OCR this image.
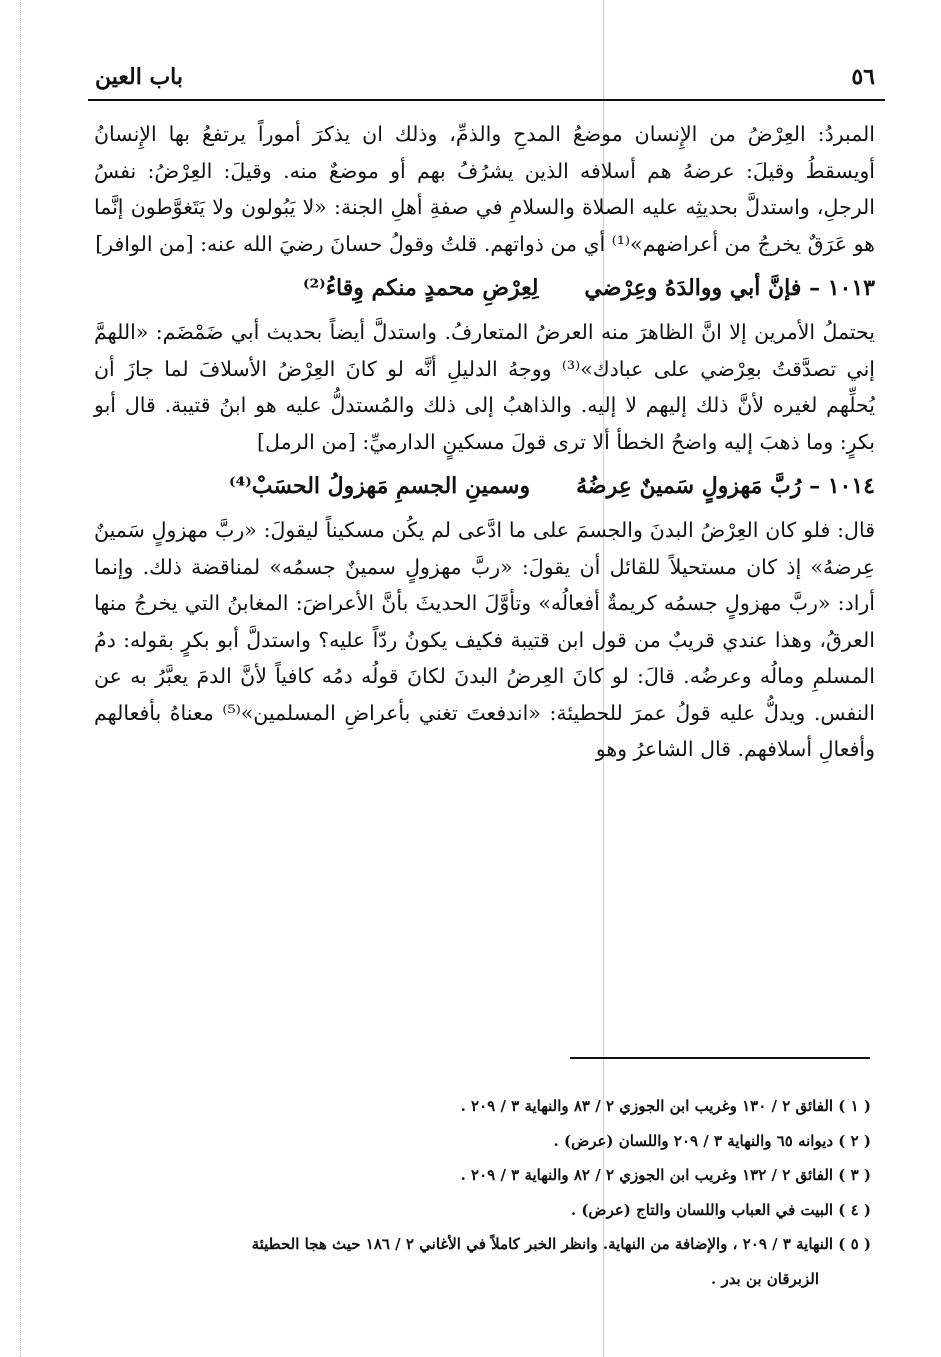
٥٦
باب العين

المبردُ: العِرْضُ من الإِنسان موضعُ المدحِ والذمِّ، وذلك ان يذكرَ أموراً يرتفعُ بها الإِنسانُ أويسقطُ وقيلَ: عرضهُ هم أسلافه الذين يشرُفُ بهم أو موضعٌ منه. وقيلَ: العِرْضُ: نفسُ الرجلِ، واستدلَّ بحديثِه عليه الصلاة والسلامِ في صفةِ أهلِ الجنة: «لا يَبُولون ولا يَتَغوَّطون إنَّما هو عَرَقٌ يخرجُ من أعراضهم»⁽¹⁾ أي من ذواتهم. قلتُ وقولُ حسانَ رضيَ الله عنه: [من الوافر]

١٠١٣ – فإنَّ أبي ووالدَهُ وعِرْضي
لِعِرْضِ محمدٍ منكم وِقاءُ⁽²⁾

يحتملُ الأمرين إلا انَّ الظاهرَ منه العرضُ المتعارفُ. واستدلَّ أيضاً بحديث أبي ضَمْضَم: «اللهمَّ إني تصدَّقتُ بعِرْضي على عبادك»⁽³⁾ ووجهُ الدليلِ أنَّه لو كانَ العِرْضُ الأسلافَ لما جازَ أن يُحلِّهم لغيره لأنَّ ذلك إليهم لا إليه. والذاهبُ إلى ذلك والمُستدلُّ عليه هو ابنُ قتيبة. قال أبو بكرٍ: وما ذهبَ إليه واضحُ الخطأ ألا ترى قولَ مسكينٍ الدارميِّ: [من الرمل]

١٠١٤ – رُبَّ مَهزولٍ سَمينٌ عِرضُهُ
وسمينِ الجسمِ مَهزولُ الحسَبْ⁽⁴⁾

قال: فلو كان العِرْضُ البدنَ والجسمَ على ما ادَّعى لم يكُن مسكيناً ليقولَ: «ربَّ مهزولٍ سَمينٌ عِرضهُ» إذ كان مستحيلاً للقائل أن يقولَ: «ربَّ مهزولٍ سمينٌ جسمُه» لمناقضة ذلك. وإنما أراد: «ربَّ مهزولٍ جسمُه كريمةٌ أفعالُه» وتأوَّلَ الحديثَ بأنَّ الأعراضَ: المغابنُ التي يخرجُ منها العرقُ، وهذا عندي قريبٌ من قول ابن قتيبة فكيف يكونُ ردّاً عليه؟ واستدلَّ أبو بكرٍ بقوله: دمُ المسلمِ ومالُه وعرضُه. قالَ: لو كانَ العِرضُ البدنَ لكانَ قولُه دمُه كافياً لأنَّ الدمَ يعبَّرُ به عن النفس. ويدلُّ عليه قولُ عمرَ للحطيئة: «اندفعتَ تغني بأعراضِ المسلمين»⁽⁵⁾ معناهُ بأفعالهم وأفعالِ أسلافهم. قال الشاعرُ وهو

( ١ ) الفائق ٢ / ١٣٠ وغريب ابن الجوزي ٢ / ٨٣ والنهاية ٣ / ٢٠٩ .

( ٢ ) ديوانه ٦٥ والنهاية ٣ / ٢٠٩ واللسان (عرض) .

( ٣ ) الفائق ٢ / ١٣٢ وغريب ابن الجوزي ٢ / ٨٢ والنهاية ٣ / ٢٠٩ .

( ٤ ) البيت في العباب واللسان والتاج (عرض) .

( ٥ ) النهاية ٣ / ٢٠٩ ، والإضافة من النهاية. وانظر الخبر كاملاً في الأغاني ٢ / ١٨٦ حيث هجا الحطيئة

الزبرقان بن بدر .
